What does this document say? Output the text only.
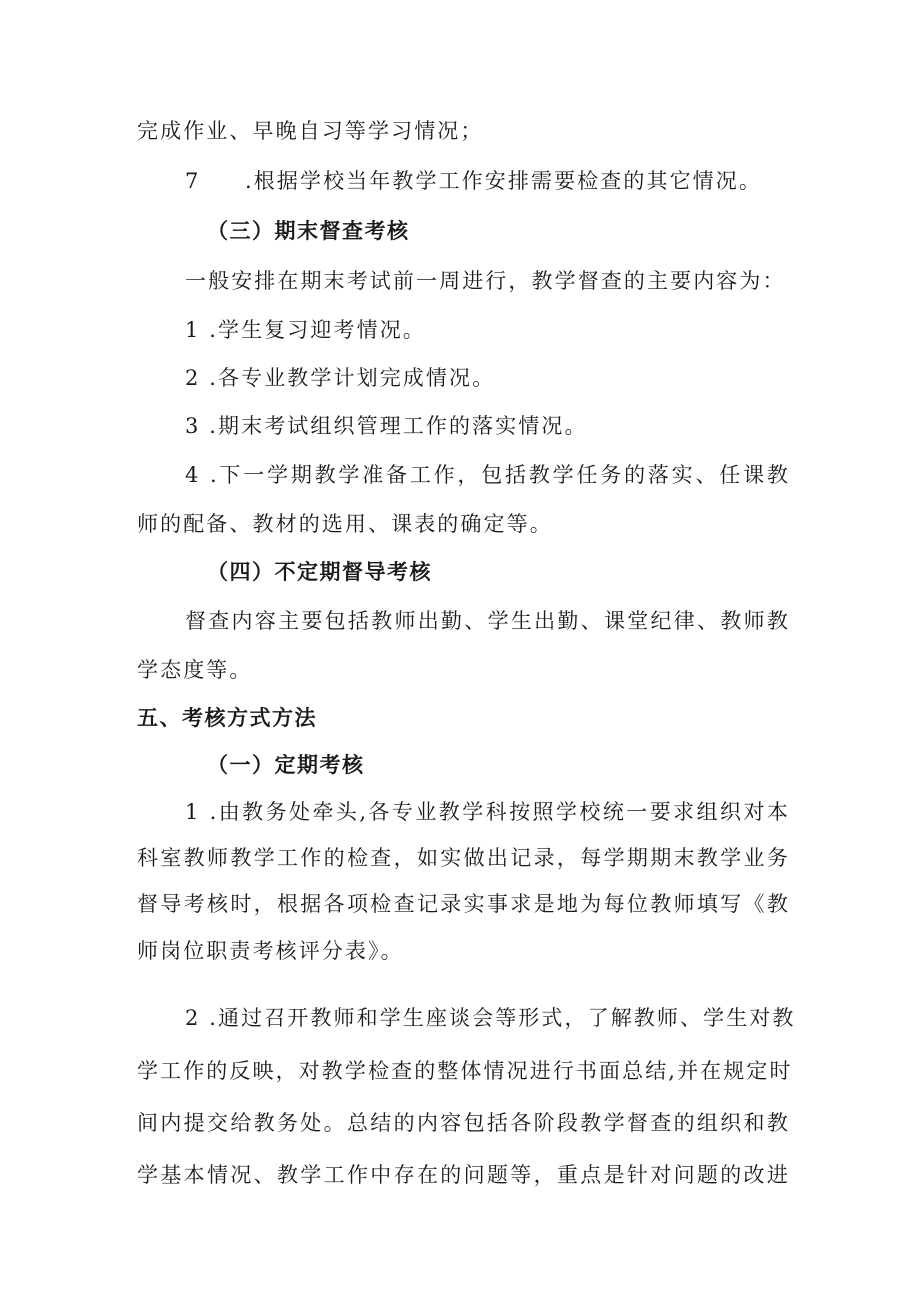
完成作业、早晚自习等学习情况；
7 .根据学校当年教学工作安排需要检查的其它情况。
（三）期末督查考核
一般安排在期末考试前一周进行，教学督查的主要内容为：
1 .学生复习迎考情况。
2 .各专业教学计划完成情况。
3 .期末考试组织管理工作的落实情况。
4 .下一学期教学准备工作，包括教学任务的落实、任课教
师的配备、教材的选用、课表的确定等。
（四）不定期督导考核
督查内容主要包括教师出勤、学生出勤、课堂纪律、教师教
学态度等。
五、考核方式方法
（一）定期考核
1 .由教务处牵头,各专业教学科按照学校统一要求组织对本
科室教师教学工作的检查，如实做出记录，每学期期末教学业务
督导考核时，根据各项检查记录实事求是地为每位教师填写《教
师岗位职责考核评分表》。
2 .通过召开教师和学生座谈会等形式，了解教师、学生对教
学工作的反映，对教学检查的整体情况进行书面总结,并在规定时
间内提交给教务处。总结的内容包括各阶段教学督查的组织和教
学基本情况、教学工作中存在的问题等，重点是针对问题的改进
